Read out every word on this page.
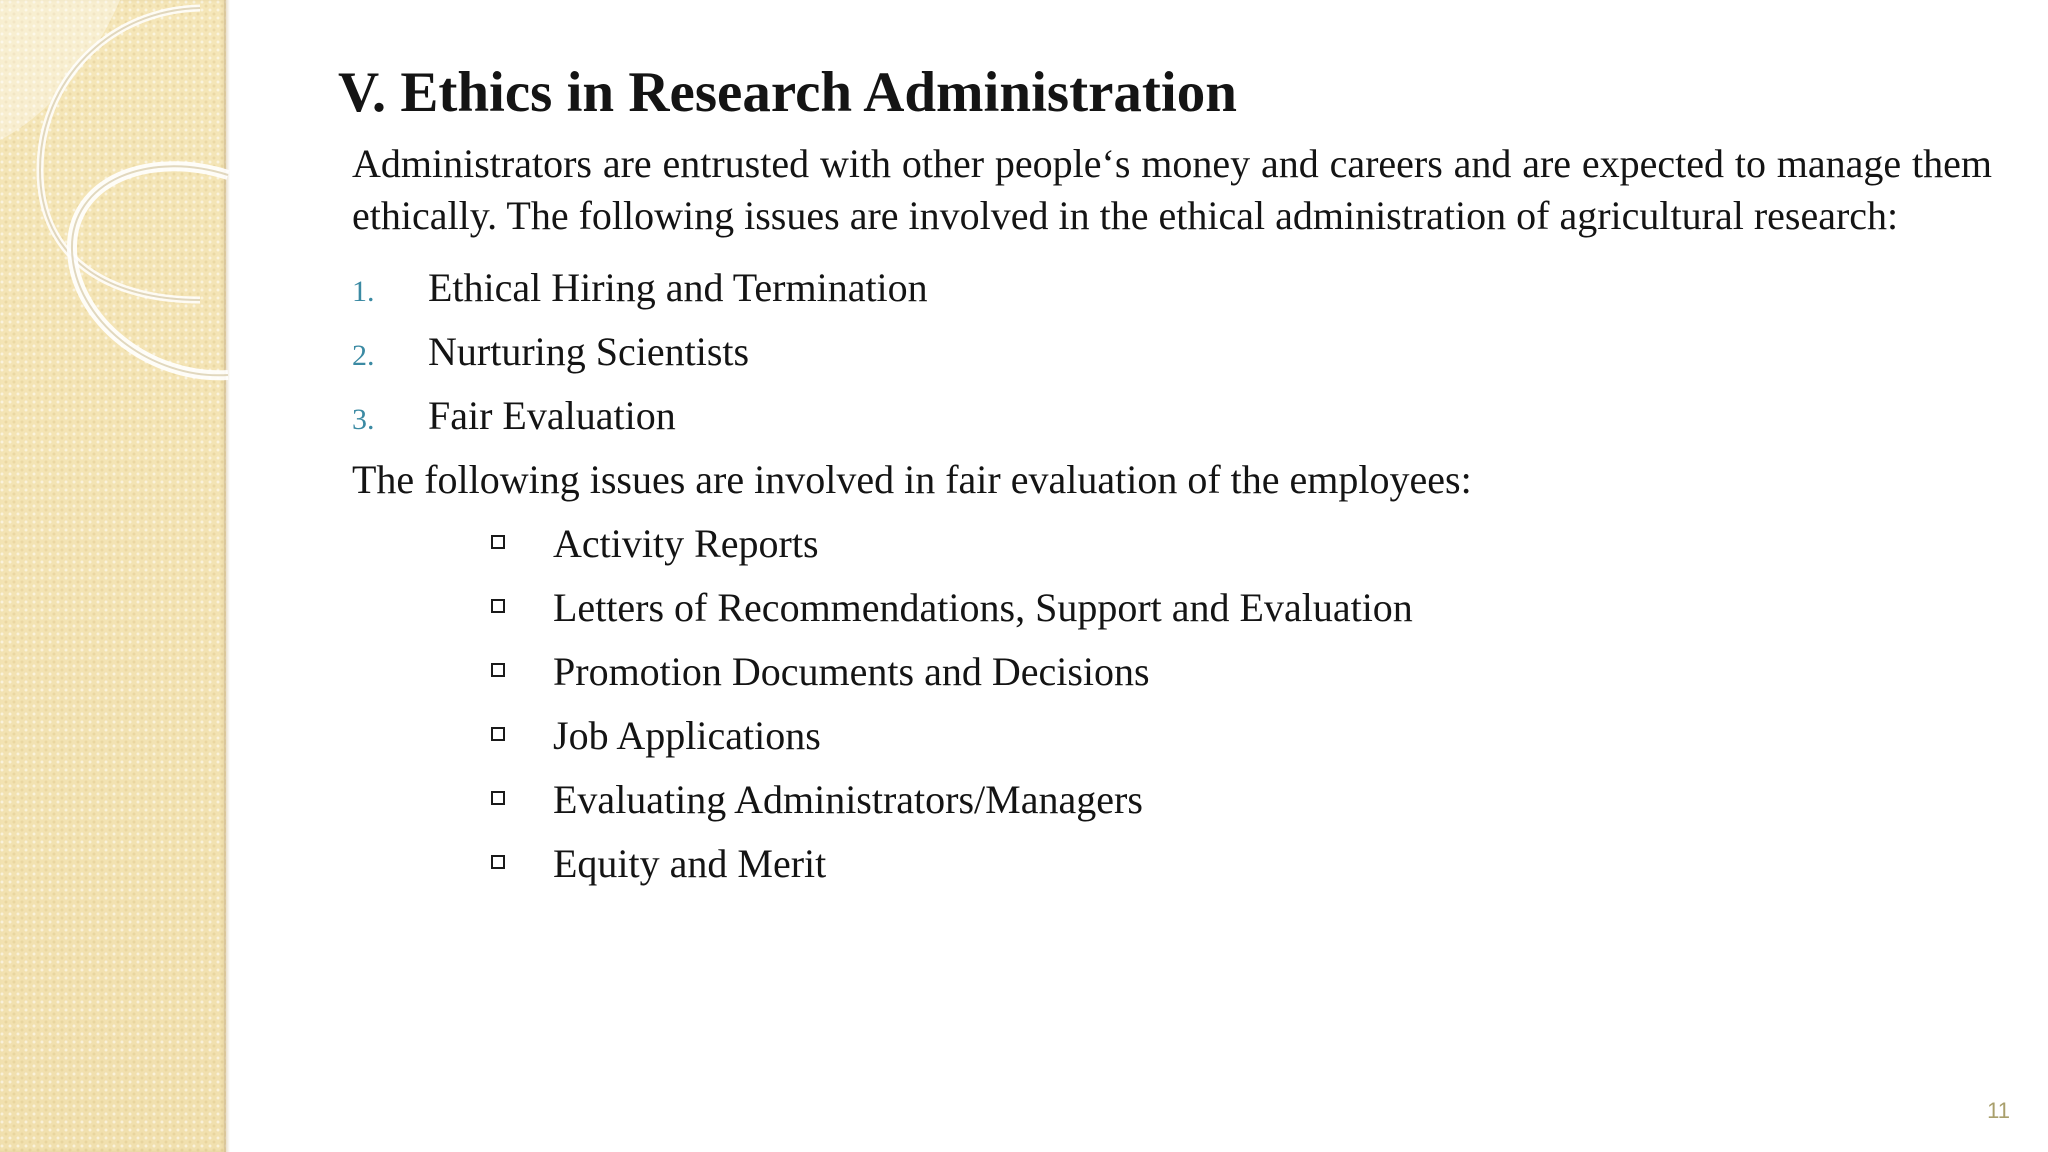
V. Ethics in Research Administration

Administrators are entrusted with other people‘s money and careers and are expected to manage them ethically. The following issues are involved in the ethical administration of agricultural research:

1.	Ethical Hiring and Termination
2.	Nurturing Scientists
3.	Fair Evaluation

The following issues are involved in fair evaluation of the employees:

Activity Reports
Letters of Recommendations, Support and Evaluation
Promotion Documents and Decisions
Job Applications
Evaluating Administrators/Managers
Equity and Merit
11
